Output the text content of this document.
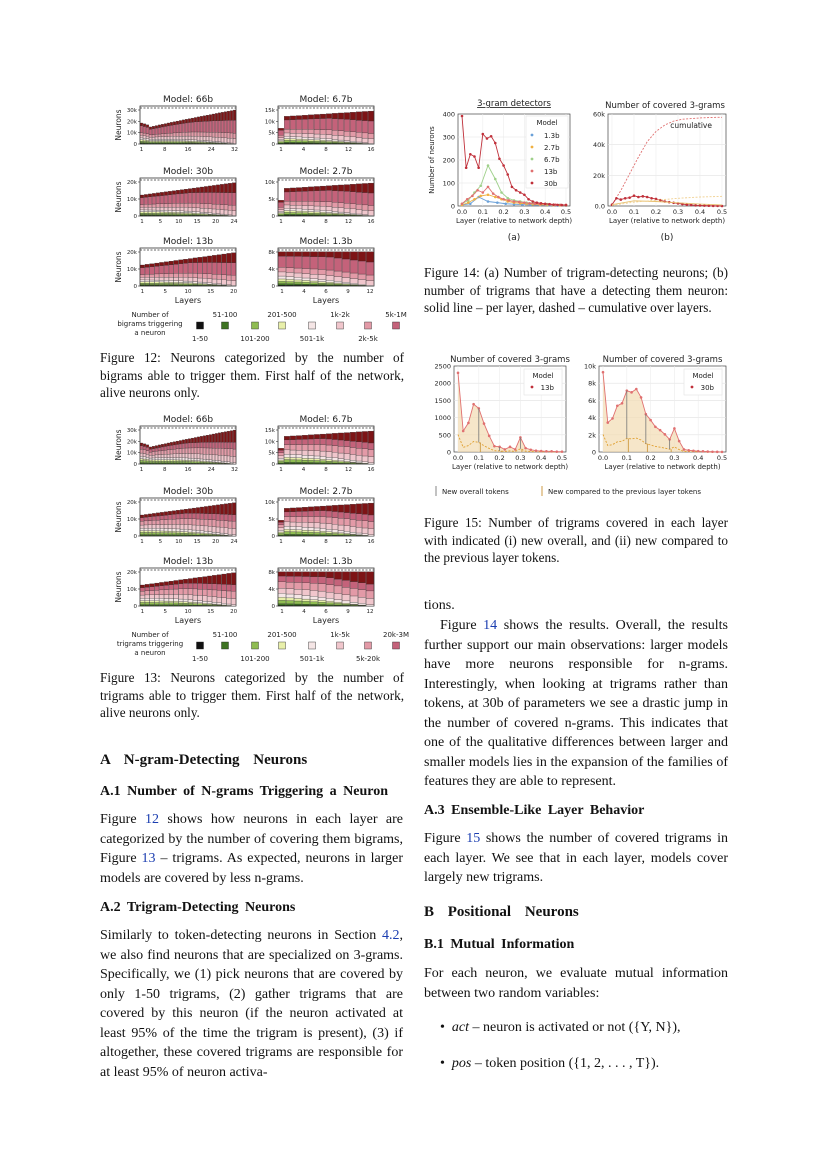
Model: 66b
30k
20k
10k
0
1	8	16	24	32
Neurons
Model: 6.7b
15k
10k
5k
0
1	4	8	12	16
Model: 30b
20k
10k
0
1	5 10 15 20 24
Neurons
Model: 2.7b
10k
5k
0
1	4	8	12	16
Model: 13b
20k
10k
0
1	5	10	15	20
Neurons
Layers
Model: 1.3b
8k
4k
0
1	4	6	9	12
Layers
Number of
bigrams triggering
a neuron
1-50
51-100
101-200
201-500
501-1k
1k-2k
2k-5k
5k-1M
Figure 12: Neurons categorized by the number of bigrams able to trigger them. First half of the network, alive neurons only.
Model: 66b
30k
20k
10k
0
1	8	16	24	32
Neurons
Model: 6.7b
15k
10k
5k
0
1	4	8	12	16
Model: 30b
20k
10k
0
1	5 10 15 20 24
Neurons
Model: 2.7b
10k
5k
0
1	4	8	12	16
Model: 13b
20k
10k
0
1	5	10	15	20
Neurons
Layers
Model: 1.3b
8k
4k
0
1	4	6	9	12
Layers
Number of
trigrams triggering
a neuron
1-50
51-100
101-200
201-500
501-1k
1k-5k
5k-20k
20k-3M
Figure 13: Neurons categorized by the number of trigrams able to trigger them. First half of the network, alive neurons only.
A N-gram-Detecting Neurons
A.1 Number of N-grams Triggering a Neuron

Figure 12 shows how neurons in each layer are categorized by the number of covering them bigrams, Figure 13 – trigrams. As expected, neurons in larger models are covered by less n-grams.

A.2 Trigram-Detecting Neurons

Similarly to token-detecting neurons in Section 4.2, we also find neurons that are specialized on 3-grams. Specifically, we (1) pick neurons that are covered by only 1-50 trigrams, (2) gather trigrams that are covered by this neuron (if the neuron activated at least 95% of the time the trigram is present), (3) if altogether, these covered trigrams are responsible for at least 95% of neuron activa-

3-gram detectors
400
300
200
100
0
0.0 0.1 0.2 0.3 0.4 0.5
Model
1.3b
2.7b
6.7b
13b
30b
Number of neurons
Layer (relative to network depth)
(a)
Number of covered 3-grams
60k
40k
20k
0.0
0.0 0.1 0.2 0.3 0.4 0.5
cumulative
Layer (relative to network depth)
(b)
Figure 14: (a) Number of trigram-detecting neurons; (b) number of trigrams that have a detecting them neuron: solid line – per layer, dashed – cumulative over layers.
Number of covered 3-grams
2500
2000
1500
1000
500
0
0.0 0.1 0.2 0.3 0.4 0.5
Model
13b
Layer (relative to network depth)
Number of covered 3-grams
10k
8k
6k
4k
2k
0
0.0 0.1 0.2 0.3 0.4 0.5
Model
30b
Layer (relative to network depth)
New overall tokens	New compared to the previous layer tokens
Figure 15: Number of trigrams covered in each layer with indicated (i) new overall, and (ii) new compared to the previous layer tokens.
tions.

Figure 14 shows the results. Overall, the results further support our main observations: larger models have more neurons responsible for n-grams. Interestingly, when looking at trigrams rather than tokens, at 30b of parameters we see a drastic jump in the number of covered n-grams. This indicates that one of the qualitative differences between larger and smaller models lies in the expansion of the families of features they are able to represent.

A.3 Ensemble-Like Layer Behavior

Figure 15 shows the number of covered trigrams in each layer. We see that in each layer, models cover largely new trigrams.

B Positional Neurons
B.1 Mutual Information
For each neuron, we evaluate mutual information between two random variables:
•  act – neuron is activated or not ({Y, N}),
•  pos – token position ({1, 2, . . . , T}).
